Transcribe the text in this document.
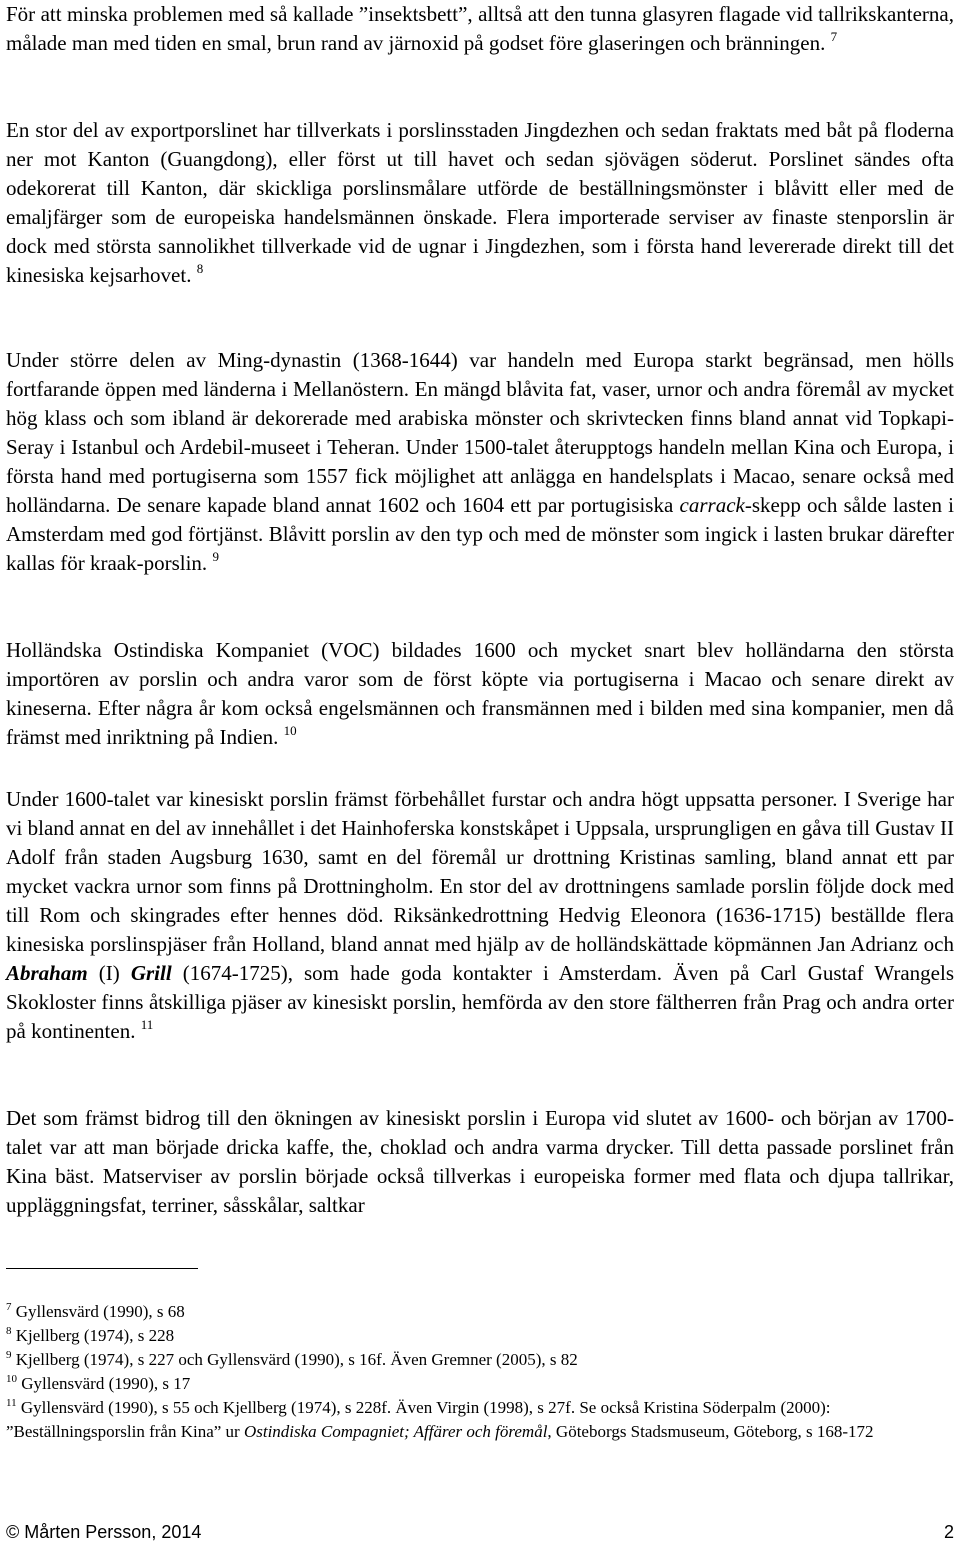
För att minska problemen med så kallade ”insektsbett”, alltså att den tunna glasyren flagade vid tallrikskanterna, målade man med tiden en smal, brun rand av järnoxid på godset före glaseringen och bränningen. $^7$

En stor del av exportporslinet har tillverkats i porslinsstaden Jingdezhen och sedan fraktats med båt på floderna ner mot Kanton (Guangdong), eller först ut till havet och sedan sjövägen söderut. Porslinet sändes ofta odekorerat till Kanton, där skickliga porslinsmålare utförde de beställningsmönster i blåvitt eller med de emaljfärger som de europeiska handelsmännen önskade. Flera importerade serviser av finaste stenporslin är dock med största sannolikhet tillverkade vid de ugnar i Jingdezhen, som i första hand levererade direkt till det kinesiska kejsarhovet. $^8$

Under större delen av Ming-dynastin (1368-1644) var handeln med Europa starkt begränsad, men hölls fortfarande öppen med länderna i Mellanöstern. En mängd blåvita fat, vaser, urnor och andra föremål av mycket hög klass och som ibland är dekorerade med arabiska mönster och skrivtecken finns bland annat vid Topkapi-Seray i Istanbul och Ardebil-museet i Teheran. Under 1500-talet återupptogs handeln mellan Kina och Europa, i första hand med portugiserna som 1557 fick möjlighet att anlägga en handelsplats i Macao, senare också med holländarna. De senare kapade bland annat 1602 och 1604 ett par portugisiska carrack-skepp och sålde lasten i Amsterdam med god förtjänst. Blåvitt porslin av den typ och med de mönster som ingick i lasten brukar därefter kallas för kraak-porslin. $^9$

Holländska Ostindiska Kompaniet (VOC) bildades 1600 och mycket snart blev holländarna den största importören av porslin och andra varor som de först köpte via portugiserna i Macao och senare direkt av kineserna. Efter några år kom också engelsmännen och fransmännen med i bilden med sina kompanier, men då främst med inriktning på Indien. $^{10}$

Under 1600-talet var kinesiskt porslin främst förbehållet furstar och andra högt uppsatta personer. I Sverige har vi bland annat en del av innehållet i det Hainhoferska konstskåpet i Uppsala, ursprungligen en gåva till Gustav II Adolf från staden Augsburg 1630, samt en del föremål ur drottning Kristinas samling, bland annat ett par mycket vackra urnor som finns på Drottningholm. En stor del av drottningens samlade porslin följde dock med till Rom och skingrades efter hennes död. Riksänkedrottning Hedvig Eleonora (1636-1715) beställde flera kinesiska porslinspjäser från Holland, bland annat med hjälp av de holländskättade köpmännen Jan Adrianz och Abraham (I) Grill (1674-1725), som hade goda kontakter i Amsterdam. Även på Carl Gustaf Wrangels Skokloster finns åtskilliga pjäser av kinesiskt porslin, hemförda av den store fältherren från Prag och andra orter på kontinenten. $^{11}$

Det som främst bidrog till den ökningen av kinesiskt porslin i Europa vid slutet av 1600- och början av 1700-talet var att man började dricka kaffe, the, choklad och andra varma drycker. Till detta passade porslinet från Kina bäst. Matserviser av porslin började också tillverkas i europeiska former med flata och djupa tallrikar, uppläggningsfat, terriner, såsskålar, saltkar

$^7$ Gyllensvärd (1990), s 68

$^8$ Kjellberg (1974), s 228

$^9$ Kjellberg (1974), s 227 och Gyllensvärd (1990), s 16f. Även Gremner (2005), s 82

$^{10}$ Gyllensvärd (1990), s 17

$^{11}$ Gyllensvärd (1990), s 55 och Kjellberg (1974), s 228f. Även Virgin (1998), s 27f. Se också Kristina Söderpalm (2000): ”Beställningsporslin från Kina” ur Ostindiska Compagniet; Affärer och föremål, Göteborgs Stadsmuseum, Göteborg, s 168-172

© Mårten Persson, 2014	2
